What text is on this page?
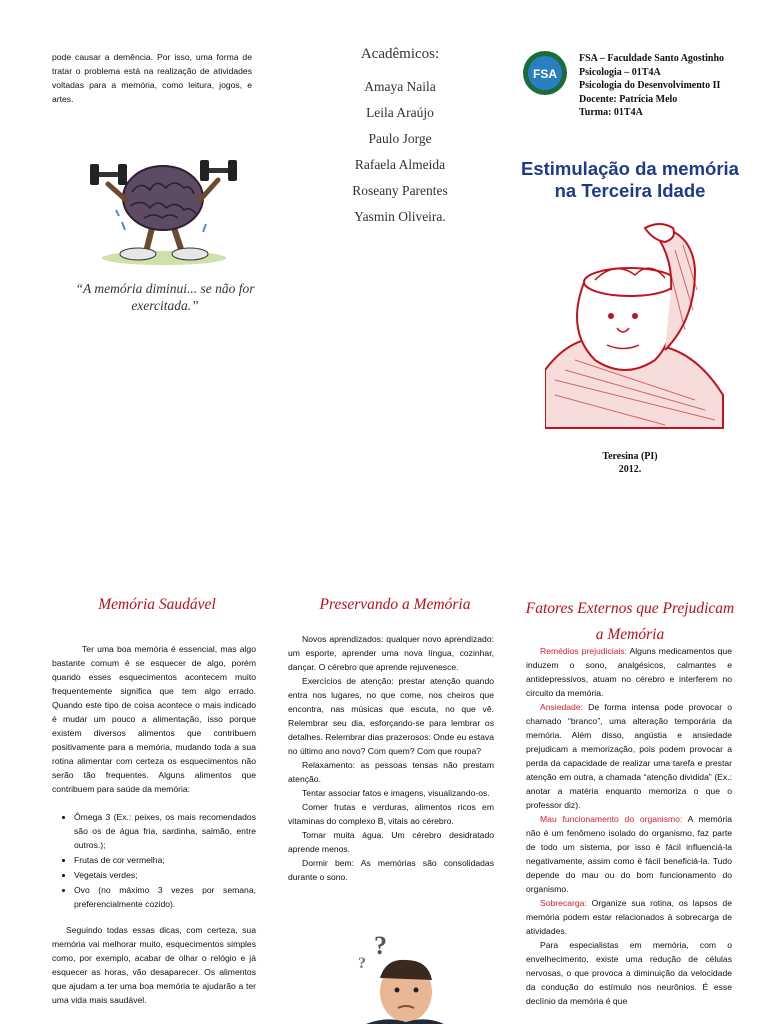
pode causar a demência. Por isso, uma forma de tratar o problema está na realização de atividades voltadas para a memória, como leitura, jogos, e artes.
“A memória diminui... se não for exercitada.”
Acadêmicos:
Amaya Naila
Leila Araújo
Paulo Jorge
Rafaela Almeida
Roseany Parentes
Yasmin Oliveira.
FSA
FSA – Faculdade Santo Agostinho
Psicologia – 01T4A
Psicologia do Desenvolvimento II
Docente: Patrícia Melo
Turma: 01T4A
Estimulação da memória na Terceira Idade
Teresina (PI)
2012.
Memória Saudável

Ter uma boa memória é essencial, mas algo bastante comum é se esquecer de algo, porém quando esses esquecimentos acontecem muito frequentemente significa que tem algo errado. Quando este tipo de coisa acontece o mais indicado é mudar um pouco a alimentação, isso porque existem diversos alimentos que contribuem positivamente para a memória, mudando toda a sua rotina alimentar com certeza os esquecimentos não serão tão frequentes. Alguns alimentos que contribuem para saúde da memória:

• Ômega 3 (Ex.: peixes, os mais recomendados são os de água fria, sardinha, salmão, entre outros.);
• Frutas de cor vermelha;
• Vegetais verdes;
• Ovo (no máximo 3 vezes por semana, preferencialmente cozido).

Seguindo todas essas dicas, com certeza, sua memória vai melhorar muito, esquecimentos simples como, por exemplo, acabar de olhar o relógio e já esquecer as horas, vão desaparecer. Os alimentos que ajudam a ter uma boa memória te ajudarão a ter uma vida mais saudável.

Preservando a Memória

Novos aprendizados: qualquer novo aprendizado: um esporte, aprender uma nova língua, cozinhar, dançar. O cérebro que aprende rejuvenesce.

Exercícios de atenção: prestar atenção quando entra nos lugares, no que come, nos cheiros que encontra, nas músicas que escuta, no que vê. Relembrar seu dia, esforçando-se para lembrar os detalhes. Relembrar dias prazerosos: Onde eu estava no último ano novo? Com quem? Com que roupa?

Relaxamento: as pessoas tensas não prestam atenção.

Tentar associar fatos e imagens, visualizando-os.

Comer frutas e verduras, alimentos ricos em vitaminas do complexo B, vitais ao cérebro.

Tomar muita água. Um cérebro desidratado aprende menos.

Dormir bem: As memórias são consolidadas durante o sono.

?
?
Fatores Externos que Prejudicam a Memória

Remédios prejudiciais: Alguns medicamentos que induzem o sono, analgésicos, calmantes e antidepressivos, atuam no cérebro e interferem no circuito da memória.

Ansiedade: De forma intensa pode provocar o chamado “branco”, uma alteração temporária da memória. Além disso, angústia e ansiedade prejudicam a memorização, pois podem provocar a perda da capacidade de realizar uma tarefa e prestar atenção em outra, a chamada “atenção dividida” (Ex.: anotar a matéria enquanto memoriza o que o professor diz).

Mau funcionamento do organismo: A memória não é um fenômeno isolado do organismo, faz parte de todo um sistema, por isso é fácil influenciá-la negativamente, assim como é fácil beneficiá-la. Tudo depende do mau ou do bom funcionamento do organismo.

Sobrecarga: Organize sua rotina, os lapsos de memória podem estar relacionados à sobrecarga de atividades.

Para especialistas em memória, com o envelhecimento, existe uma redução de células nervosas, o que provoca a diminuição da velocidade da condução do estímulo nos neurônios. É esse declínio da memória é que
